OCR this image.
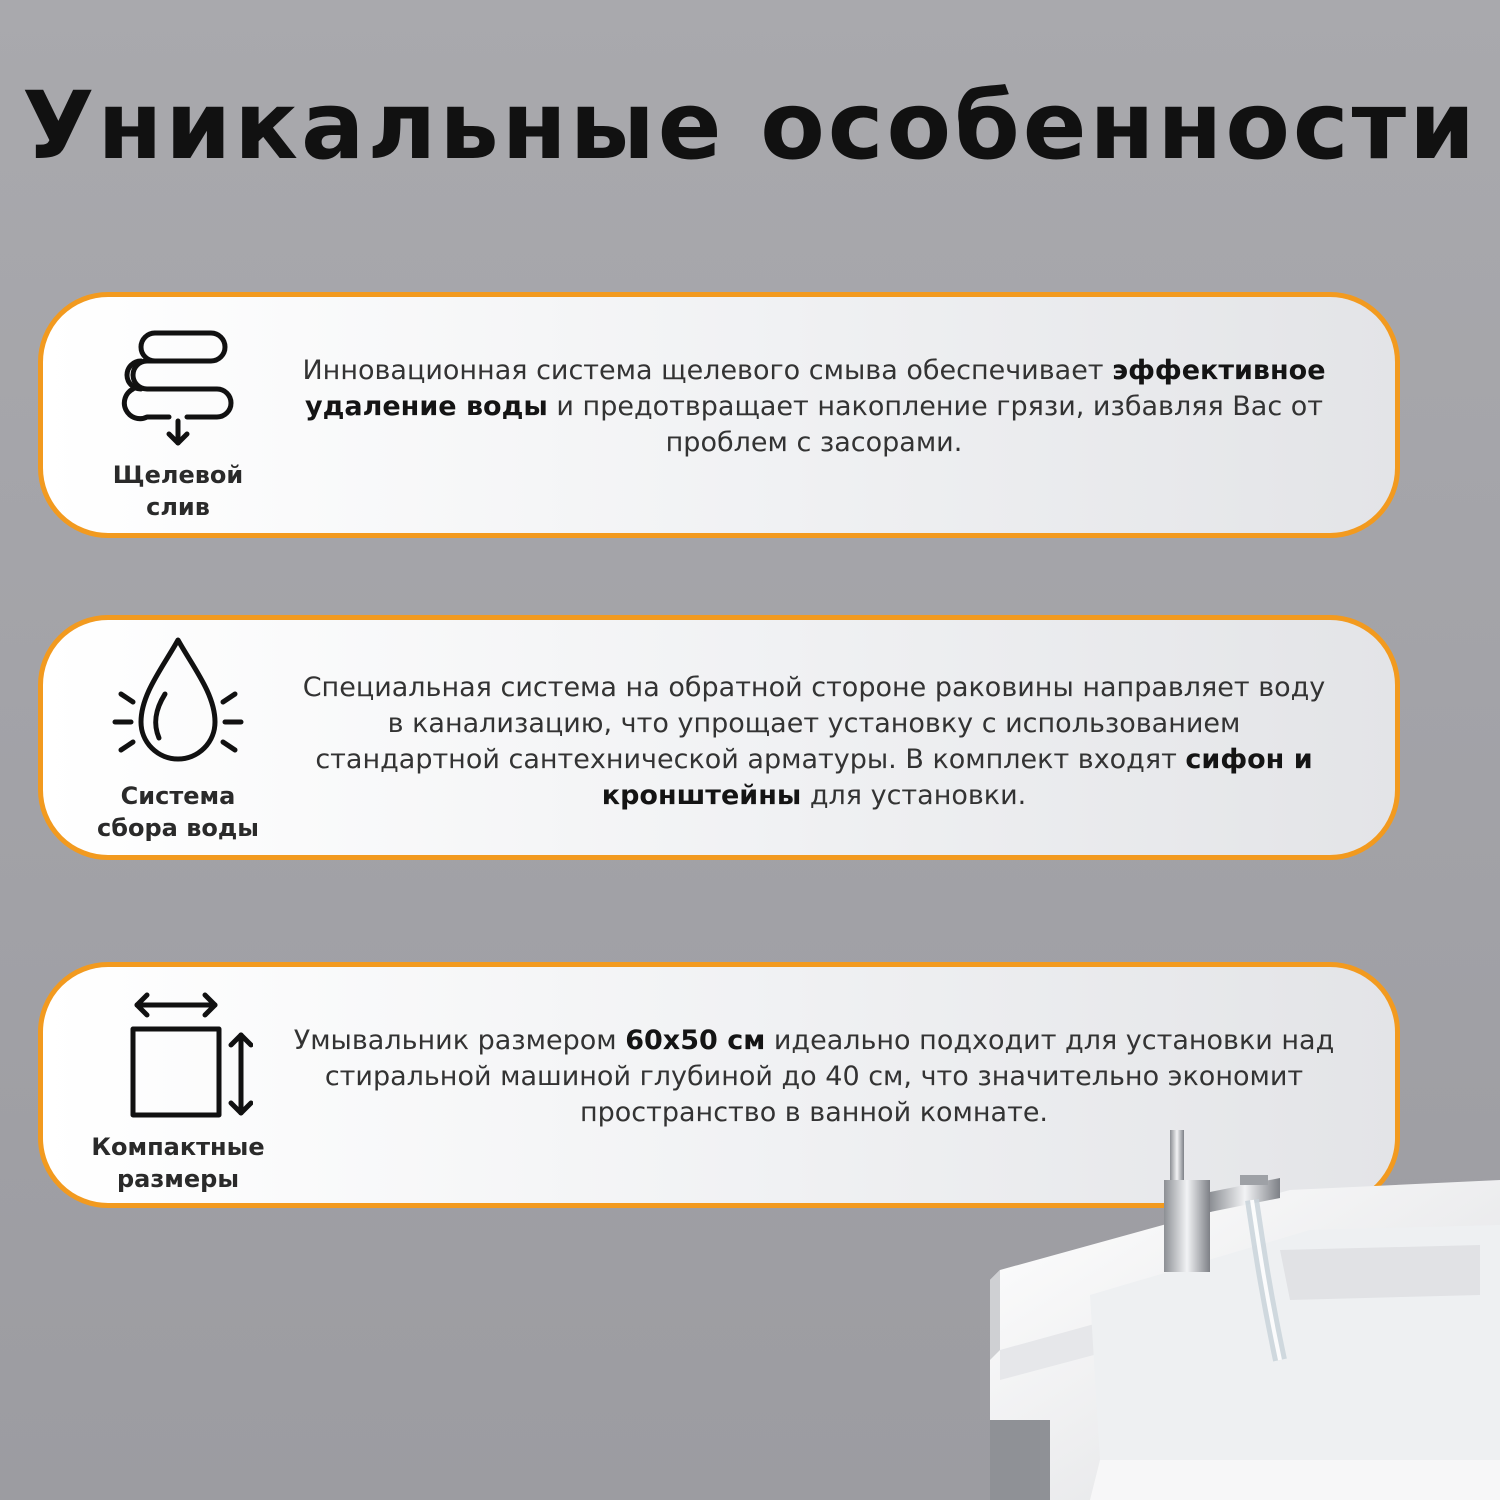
Уникальные особенности
Щелевой
слив

Инновационная система щелевого смыва обеспечивает эффективное удаление воды и предотвращает накопление грязи, избавляя Вас от проблем с засорами.

Система
сбора воды

Специальная система на обратной стороне раковины направляет воду в канализацию, что упрощает установку с использованием стандартной сантехнической арматуры. В комплект входят сифон и кронштейны для установки.

Компактные
размеры

Умывальник размером 60x50 см идеально подходит для установки над стиральной машиной глубиной до 40 см, что значительно экономит пространство в ванной комнате.
